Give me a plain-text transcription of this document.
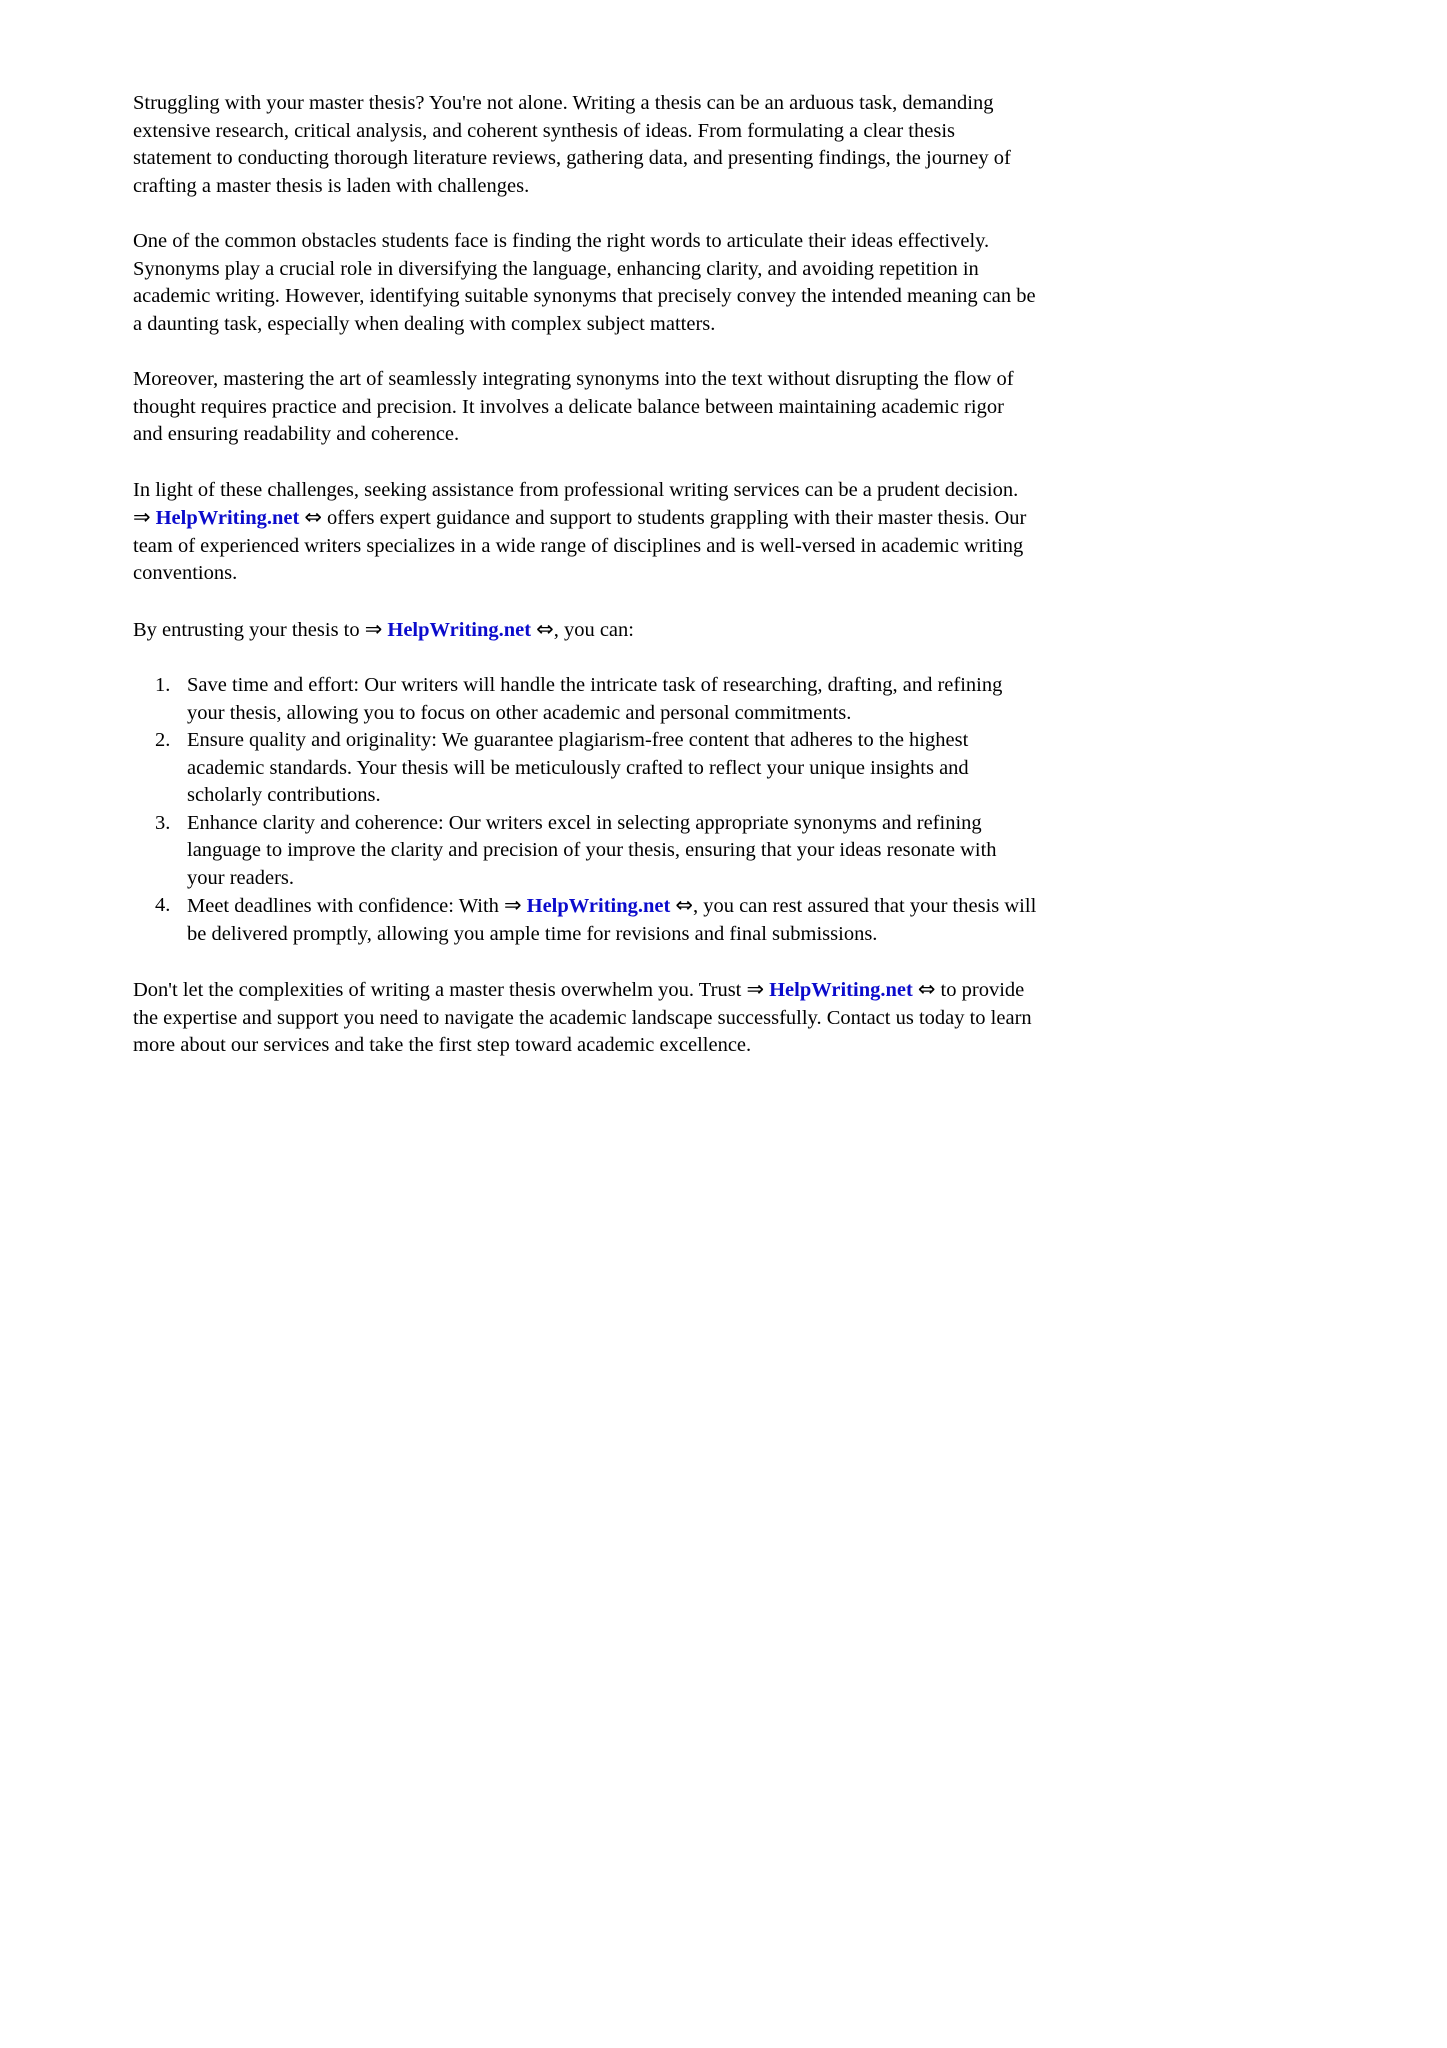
Struggling with your master thesis? You're not alone. Writing a thesis can be an arduous task, demanding extensive research, critical analysis, and coherent synthesis of ideas. From formulating a clear thesis statement to conducting thorough literature reviews, gathering data, and presenting findings, the journey of crafting a master thesis is laden with challenges.

One of the common obstacles students face is finding the right words to articulate their ideas effectively. Synonyms play a crucial role in diversifying the language, enhancing clarity, and avoiding repetition in academic writing. However, identifying suitable synonyms that precisely convey the intended meaning can be a daunting task, especially when dealing with complex subject matters.

Moreover, mastering the art of seamlessly integrating synonyms into the text without disrupting the flow of thought requires practice and precision. It involves a delicate balance between maintaining academic rigor and ensuring readability and coherence.

In light of these challenges, seeking assistance from professional writing services can be a prudent decision. ⇒ HelpWriting.net ⇔ offers expert guidance and support to students grappling with their master thesis. Our team of experienced writers specializes in a wide range of disciplines and is well-versed in academic writing conventions.

By entrusting your thesis to ⇒ HelpWriting.net ⇔, you can:

1. Save time and effort: Our writers will handle the intricate task of researching, drafting, and refining your thesis, allowing you to focus on other academic and personal commitments.
2. Ensure quality and originality: We guarantee plagiarism-free content that adheres to the highest academic standards. Your thesis will be meticulously crafted to reflect your unique insights and scholarly contributions.
3. Enhance clarity and coherence: Our writers excel in selecting appropriate synonyms and refining language to improve the clarity and precision of your thesis, ensuring that your ideas resonate with your readers.
4. Meet deadlines with confidence: With ⇒ HelpWriting.net ⇔, you can rest assured that your thesis will be delivered promptly, allowing you ample time for revisions and final submissions.

Don't let the complexities of writing a master thesis overwhelm you. Trust ⇒ HelpWriting.net ⇔ to provide the expertise and support you need to navigate the academic landscape successfully. Contact us today to learn more about our services and take the first step toward academic excellence.
